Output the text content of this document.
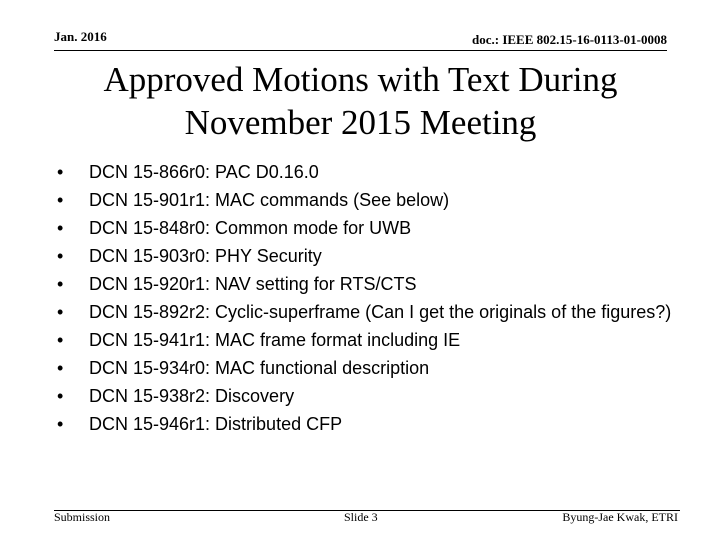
Jan. 2016	doc.: IEEE 802.15-16-0113-01-0008
Approved Motions with Text During November 2015 Meeting
• DCN 15-866r0: PAC D0.16.0
• DCN 15-901r1: MAC commands (See below)
• DCN 15-848r0: Common mode for UWB
• DCN 15-903r0: PHY Security
• DCN 15-920r1: NAV setting for RTS/CTS
• DCN 15-892r2: Cyclic-superframe (Can I get the originals of the figures?)
• DCN 15-941r1: MAC frame format including IE
• DCN 15-934r0: MAC functional description
• DCN 15-938r2: Discovery
• DCN 15-946r1: Distributed CFP
Submission	Slide 3	Byung-Jae Kwak, ETRI
